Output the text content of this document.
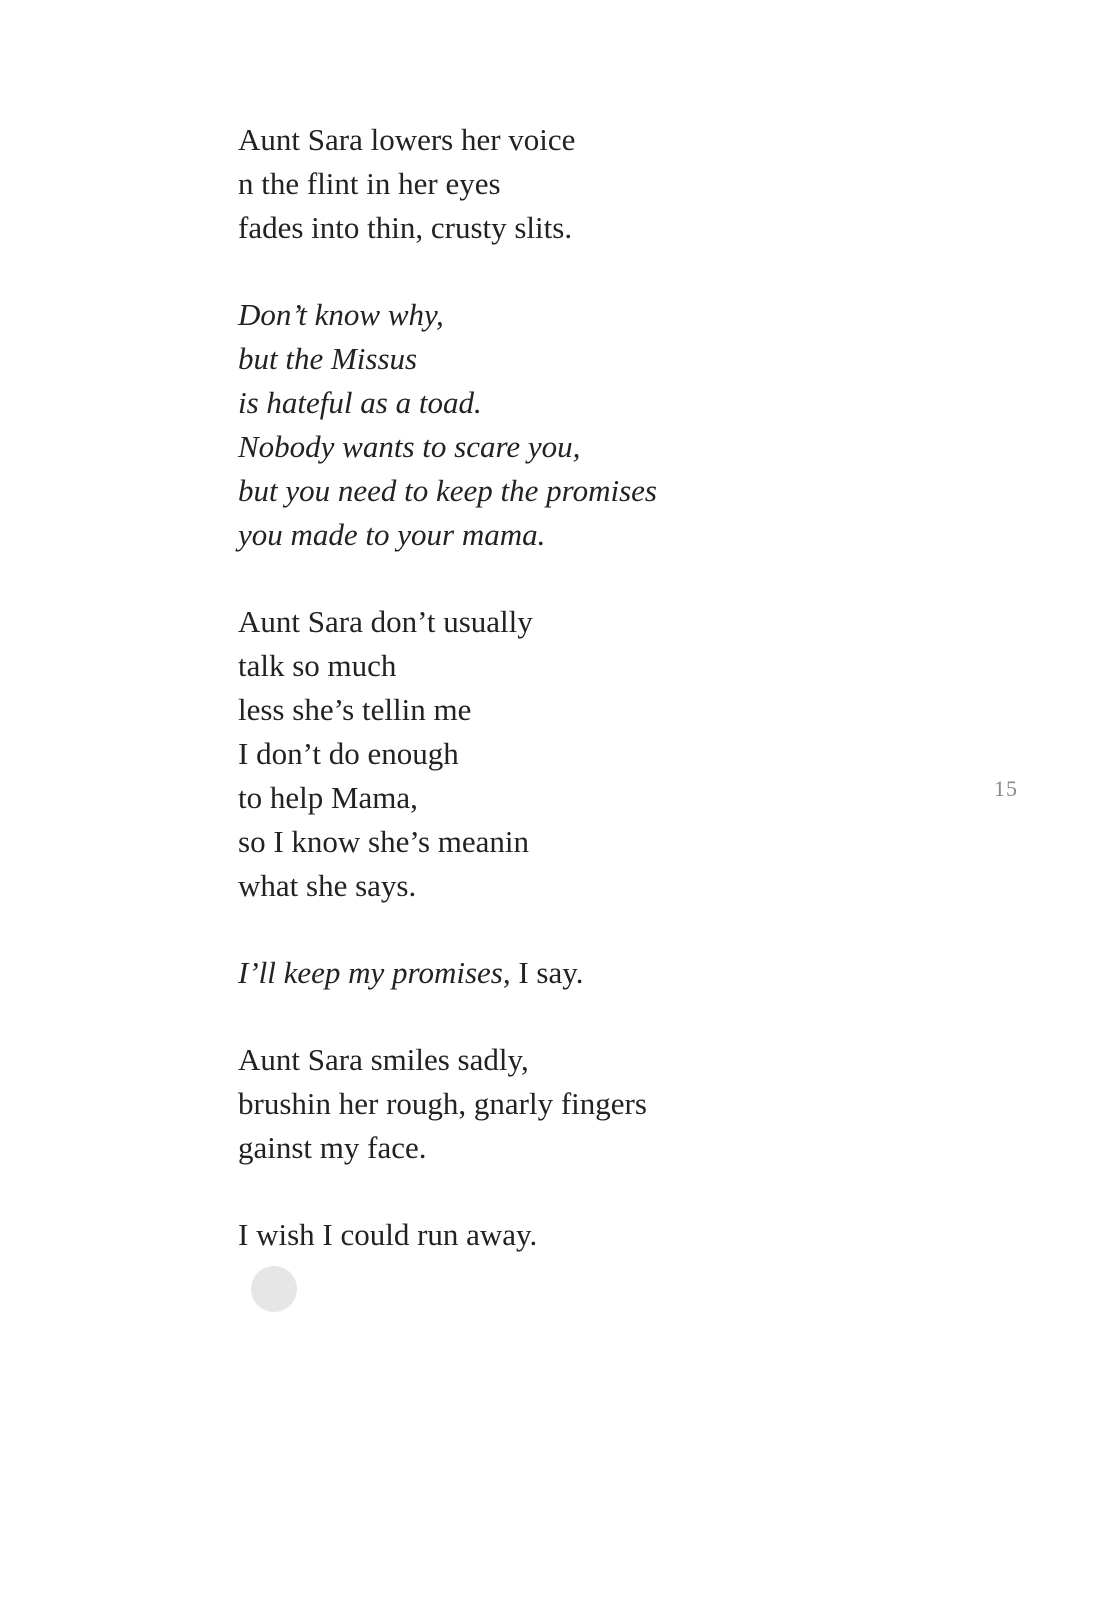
Aunt Sara lowers her voice

n the flint in her eyes

fades into thin, crusty slits.

Don’t know why,

but the Missus

is hateful as a toad.

Nobody wants to scare you,

but you need to keep the promises

you made to your mama.

Aunt Sara don’t usually

talk so much

less she’s tellin me

I don’t do enough

to help Mama,

so I know she’s meanin

what she says.

I’ll keep my promises, I say.

Aunt Sara smiles sadly,

brushin her rough, gnarly fingers

gainst my face.

I wish I could run away.

15
